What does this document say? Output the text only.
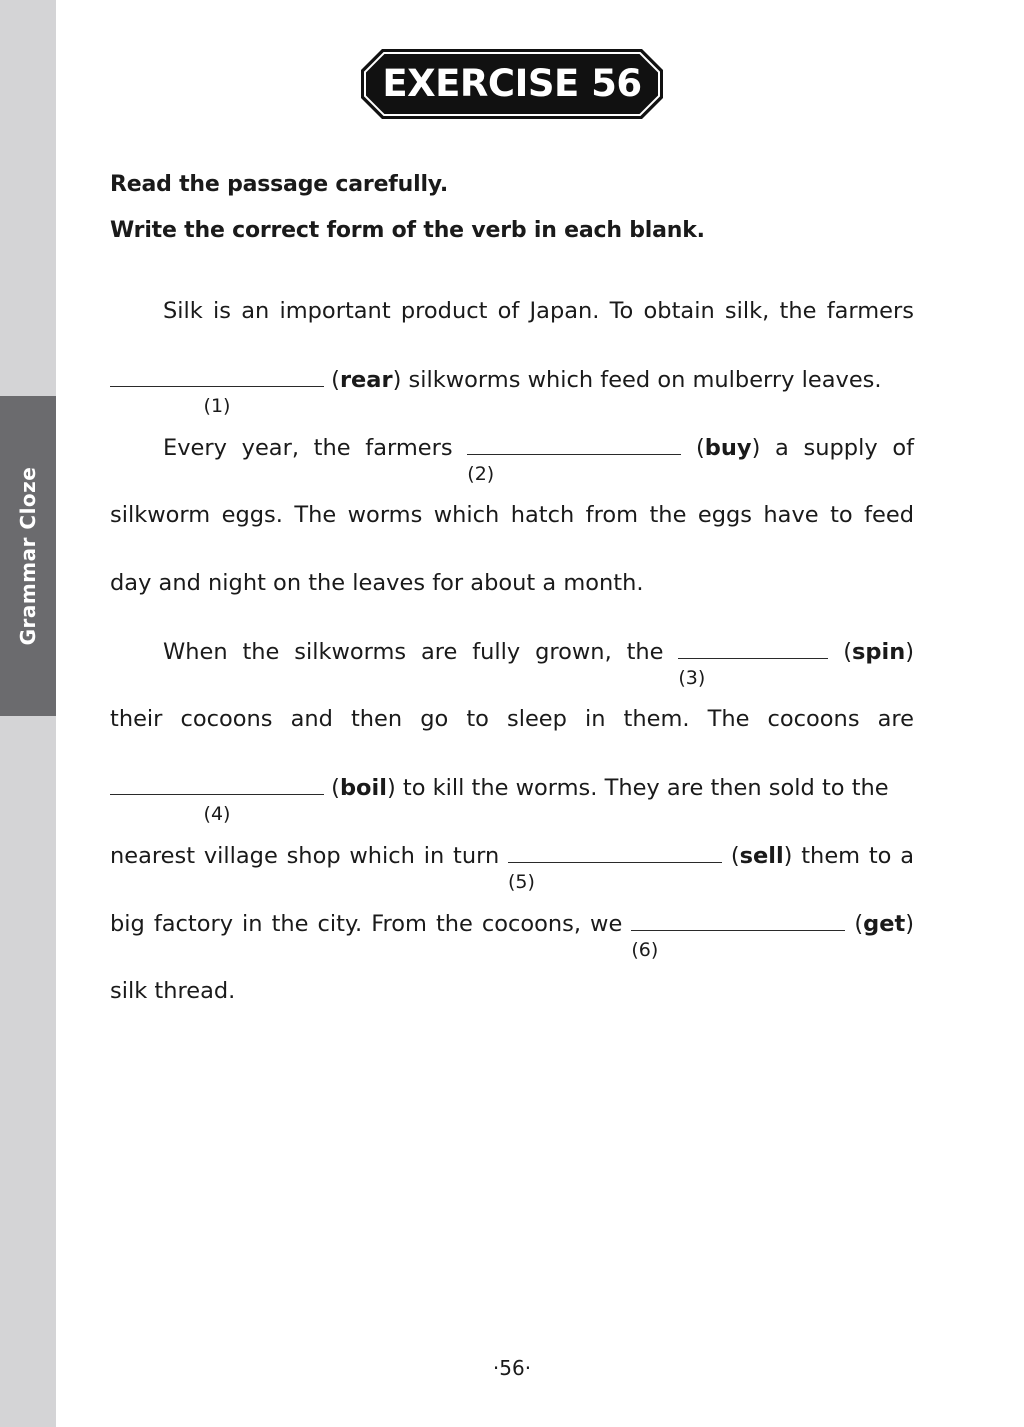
Grammar Cloze
EXERCISE 56
Read the passage carefully.
Write the correct form of the verb in each blank.
Silk is an important product of Japan. To obtain silk, the farmers
(1)
(rear) silkworms which feed on mulberry leaves.
Every year, the farmers
(2)
(buy) a supply of
silkworm eggs. The worms which hatch from the eggs have to feed
day and night on the leaves for about a month.
When the silkworms are fully grown, the
(3)
(spin)
their cocoons and then go to sleep in them. The cocoons are
(4)
(boil) to kill the worms. They are then sold to the
nearest village shop which in turn
(5)
(sell) them to a
big factory in the city. From the cocoons, we
(6)
(get)
silk thread.
·56·
